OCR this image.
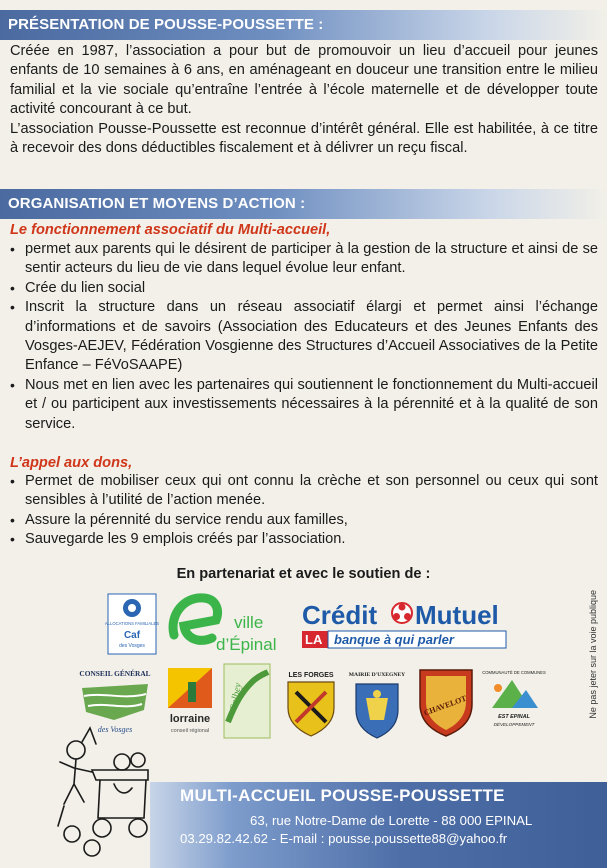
PRÉSENTATION DE POUSSE-POUSSETTE :

Créée en 1987, l’association a pour but de promouvoir un lieu d’accueil pour jeunes enfants de 10 semaines à 6 ans, en aménageant en douceur une transition entre le milieu familial et la vie sociale qu’entraîne l’entrée à l’école maternelle et de développer toute activité concourant à ce but.

L’association Pousse-Poussette est reconnue d’intérêt général. Elle est habilitée, à ce titre à recevoir des dons déductibles fiscalement et à délivrer un reçu fiscal.

ORGANISATION ET MOYENS D’ACTION :
Le fonctionnement associatif du Multi-accueil,
• permet aux parents qui le désirent de participer à la gestion de la structure et ainsi de se sentir acteurs du lieu de vie dans lequel évolue leur enfant.
• Crée du lien social
• Inscrit la structure dans un réseau associatif élargi et permet ainsi l’échange d’informations et de savoirs (Association des Educateurs et des Jeunes Enfants des Vosges-AEJEV, Fédération Vosgienne des Structures d’Accueil Associatives de la Petite Enfance – FéVoSAAPE)
• Nous met en lien avec les partenaires qui soutiennent le fonctionnement du Multi-accueil et / ou participent aux investissements nécessaires à la pérennité et à la qualité de son service.
L’appel aux dons,
• Permet de mobiliser ceux qui ont connu la crèche et son personnel ou ceux qui sont sensibles à l’utilité de l’action menée.
• Assure la pérennité du service rendu aux familles,
• Sauvegarde les 9 emplois créés par l’association.
En partenariat et avec le soutien de :
ALLOCATIONS FAMILIALES
Caf
des Vosges
ville
d’Épinal
Crédit Mutuel
LA banque à qui parler
CONSEIL GÉNÉRAL
des Vosges
lorraine
conseil régional
Golbey
LES FORGES	MAIRIE D'UXEGNEY
CHAVELOT
COMMUNAUTÉ DE COMMUNES
EST EPINAL
DÉVELOPPEMENT
Ne pas jeter sur la voie publique
MULTI-ACCUEIL POUSSE-POUSSETTE
63, rue Notre-Dame de Lorette - 88 000 EPINAL
03.29.82.42.62 - E-mail : pousse.poussette88@yahoo.fr
